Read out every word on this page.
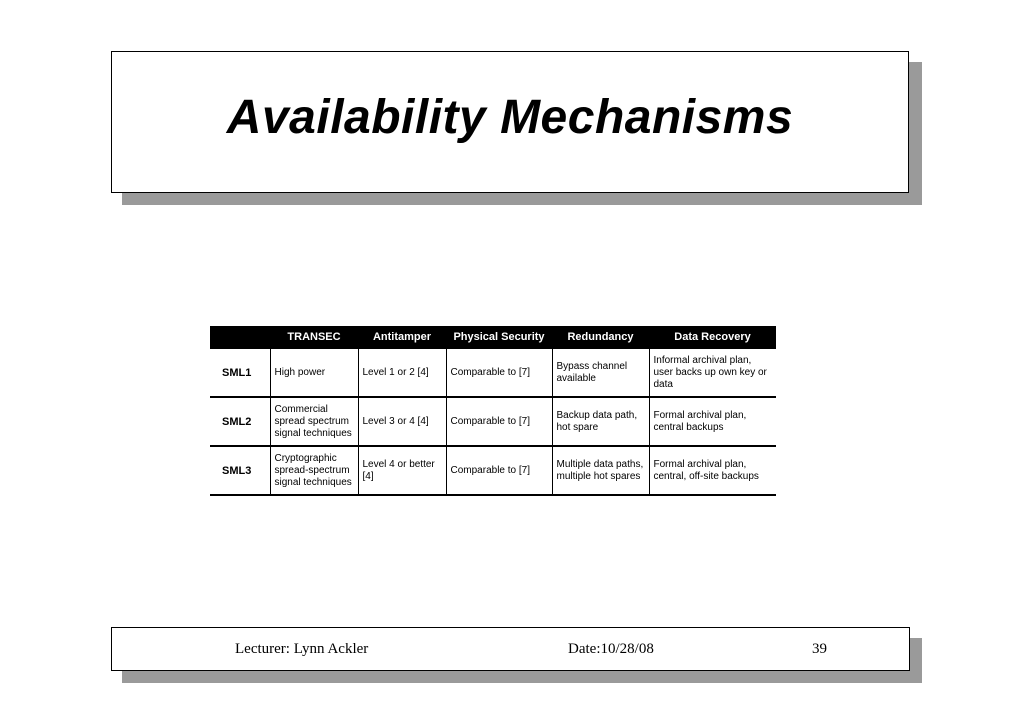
Availability Mechanisms
	TRANSEC	Antitamper	Physical Security	Redundancy	Data Recovery
SML1	High power	Level 1 or 2 [4]	Comparable to [7]	Bypass channel available	Informal archival plan, user backs up own key or data
SML2	Commercial spread spectrum signal techniques	Level 3 or 4 [4]	Comparable to [7]	Backup data path, hot spare	Formal archival plan, central backups
SML3	Cryptographic spread-spectrum signal techniques	Level 4 or better [4]	Comparable to [7]	Multiple data paths, multiple hot spares	Formal archival plan, central, off-site backups
Lecturer: Lynn Ackler	Date:10/28/08	39
